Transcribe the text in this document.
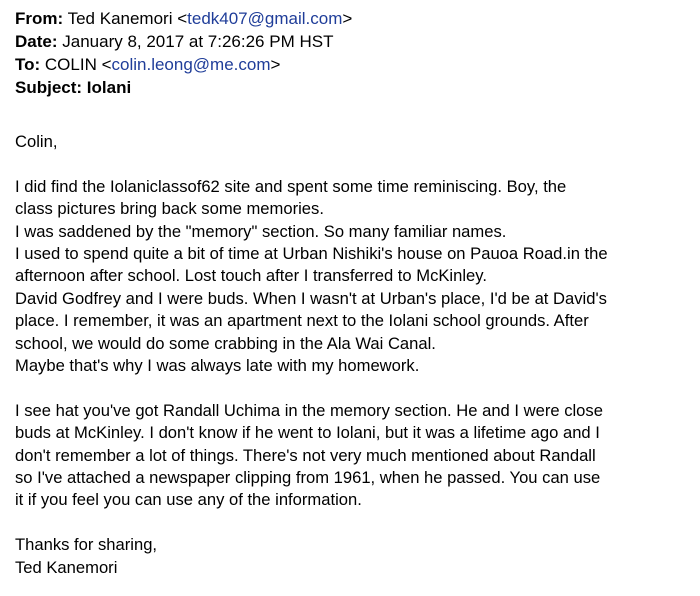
From: Ted Kanemori <tedk407@gmail.com>
Date: January 8, 2017 at 7:26:26 PM HST
To: COLIN <colin.leong@me.com>
Subject: Iolani
Colin,
I did find the Iolaniclassof62 site and spent some time reminiscing. Boy, the
class pictures bring back some memories.
I was saddened by the "memory" section. So many familiar names.
I used to spend quite a bit of time at Urban Nishiki's house on Pauoa Road.in the
afternoon after school. Lost touch after I transferred to McKinley.
David Godfrey and I were buds. When I wasn't at Urban's place, I'd be at David's
place. I remember, it was an apartment next to the Iolani school grounds. After
school, we would do some crabbing in the Ala Wai Canal.
Maybe that's why I was always late with my homework.
I see hat you've got Randall Uchima in the memory section. He and I were close
buds at McKinley. I don't know if he went to Iolani, but it was a lifetime ago and I
don't remember a lot of things. There's not very much mentioned about Randall
so I've attached a newspaper clipping from 1961, when he passed. You can use
it if you feel you can use any of the information.
Thanks for sharing,
Ted Kanemori
